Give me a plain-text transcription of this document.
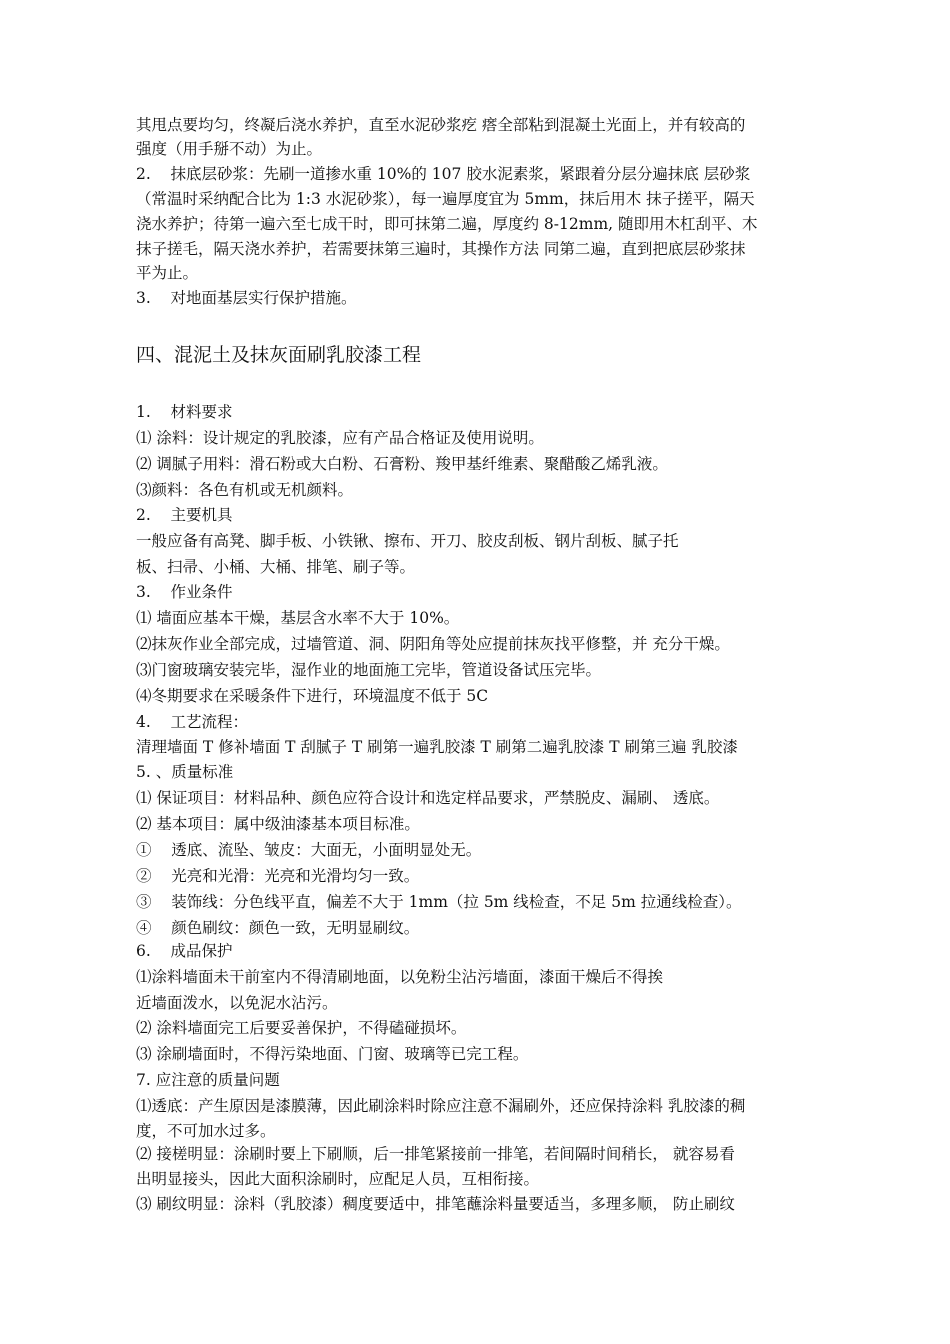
其甩点要均匀，终凝后浇水养护，直至水泥砂浆疙 瘩全部粘到混凝土光面上，并有较高的
强度（用手掰不动）为止。
2.    抹底层砂浆：先刷一道掺水重 10%的 107 胶水泥素浆，紧跟着分层分遍抹底 层砂浆
（常温时采纳配合比为 1:3 水泥砂浆），每一遍厚度宜为 5mm，抹后用木 抹子搓平，隔天
浇水养护；待第一遍六至七成干时，即可抹第二遍，厚度约 8-12mm, 随即用木杠刮平、木
抹子搓毛，隔天浇水养护，若需要抹第三遍时，其操作方法 同第二遍，直到把底层砂浆抹
平为止。
3.    对地面基层实行保护措施。
四、混泥土及抹灰面刷乳胶漆工程
1.    材料要求
⑴ 涂料：设计规定的乳胶漆，应有产品合格证及使用说明。
⑵ 调腻子用料：滑石粉或大白粉、石膏粉、羧甲基纤维素、聚醋酸乙烯乳液。
⑶颜料：各色有机或无机颜料。
2.    主要机具
一般应备有高凳、脚手板、小铁锹、擦布、开刀、胶皮刮板、钢片刮板、腻子托
板、扫帚、小桶、大桶、排笔、刷子等。
3.    作业条件
⑴ 墙面应基本干燥，基层含水率不大于 10%。
⑵抹灰作业全部完成，过墙管道、洞、阴阳角等处应提前抹灰找平修整，并 充分干燥。
⑶门窗玻璃安装完毕，湿作业的地面施工完毕，管道设备试压完毕。
⑷冬期要求在采暖条件下进行，环境温度不低于 5C
4.    工艺流程：
清理墙面 T 修补墙面 T 刮腻子 T 刷第一遍乳胶漆 T 刷第二遍乳胶漆 T 刷第三遍 乳胶漆
5. 、质量标准
⑴ 保证项目：材料品种、颜色应符合设计和选定样品要求，严禁脱皮、漏刷、 透底。
⑵ 基本项目：属中级油漆基本项目标准。
①    透底、流坠、皱皮：大面无，小面明显处无。
②    光亮和光滑：光亮和光滑均匀一致。
③    装饰线：分色线平直，偏差不大于 1mm（拉 5m 线检查，不足 5m 拉通线检查）。
④    颜色刷纹：颜色一致，无明显刷纹。
6.    成品保护
⑴涂料墙面未干前室内不得清刷地面，以免粉尘沾污墙面，漆面干燥后不得挨
近墙面泼水，以免泥水沾污。
⑵ 涂料墙面完工后要妥善保护，不得磕碰损坏。
⑶ 涂刷墙面时，不得污染地面、门窗、玻璃等已完工程。
7. 应注意的质量问题
⑴透底：产生原因是漆膜薄，因此刷涂料时除应注意不漏刷外，还应保持涂料 乳胶漆的稠
度，不可加水过多。
⑵ 接槎明显：涂刷时要上下刷顺，后一排笔紧接前一排笔，若间隔时间稍长， 就容易看
出明显接头，因此大面积涂刷时，应配足人员，互相衔接。
⑶ 刷纹明显：涂料（乳胶漆）稠度要适中，排笔蘸涂料量要适当，多理多顺， 防止刷纹
